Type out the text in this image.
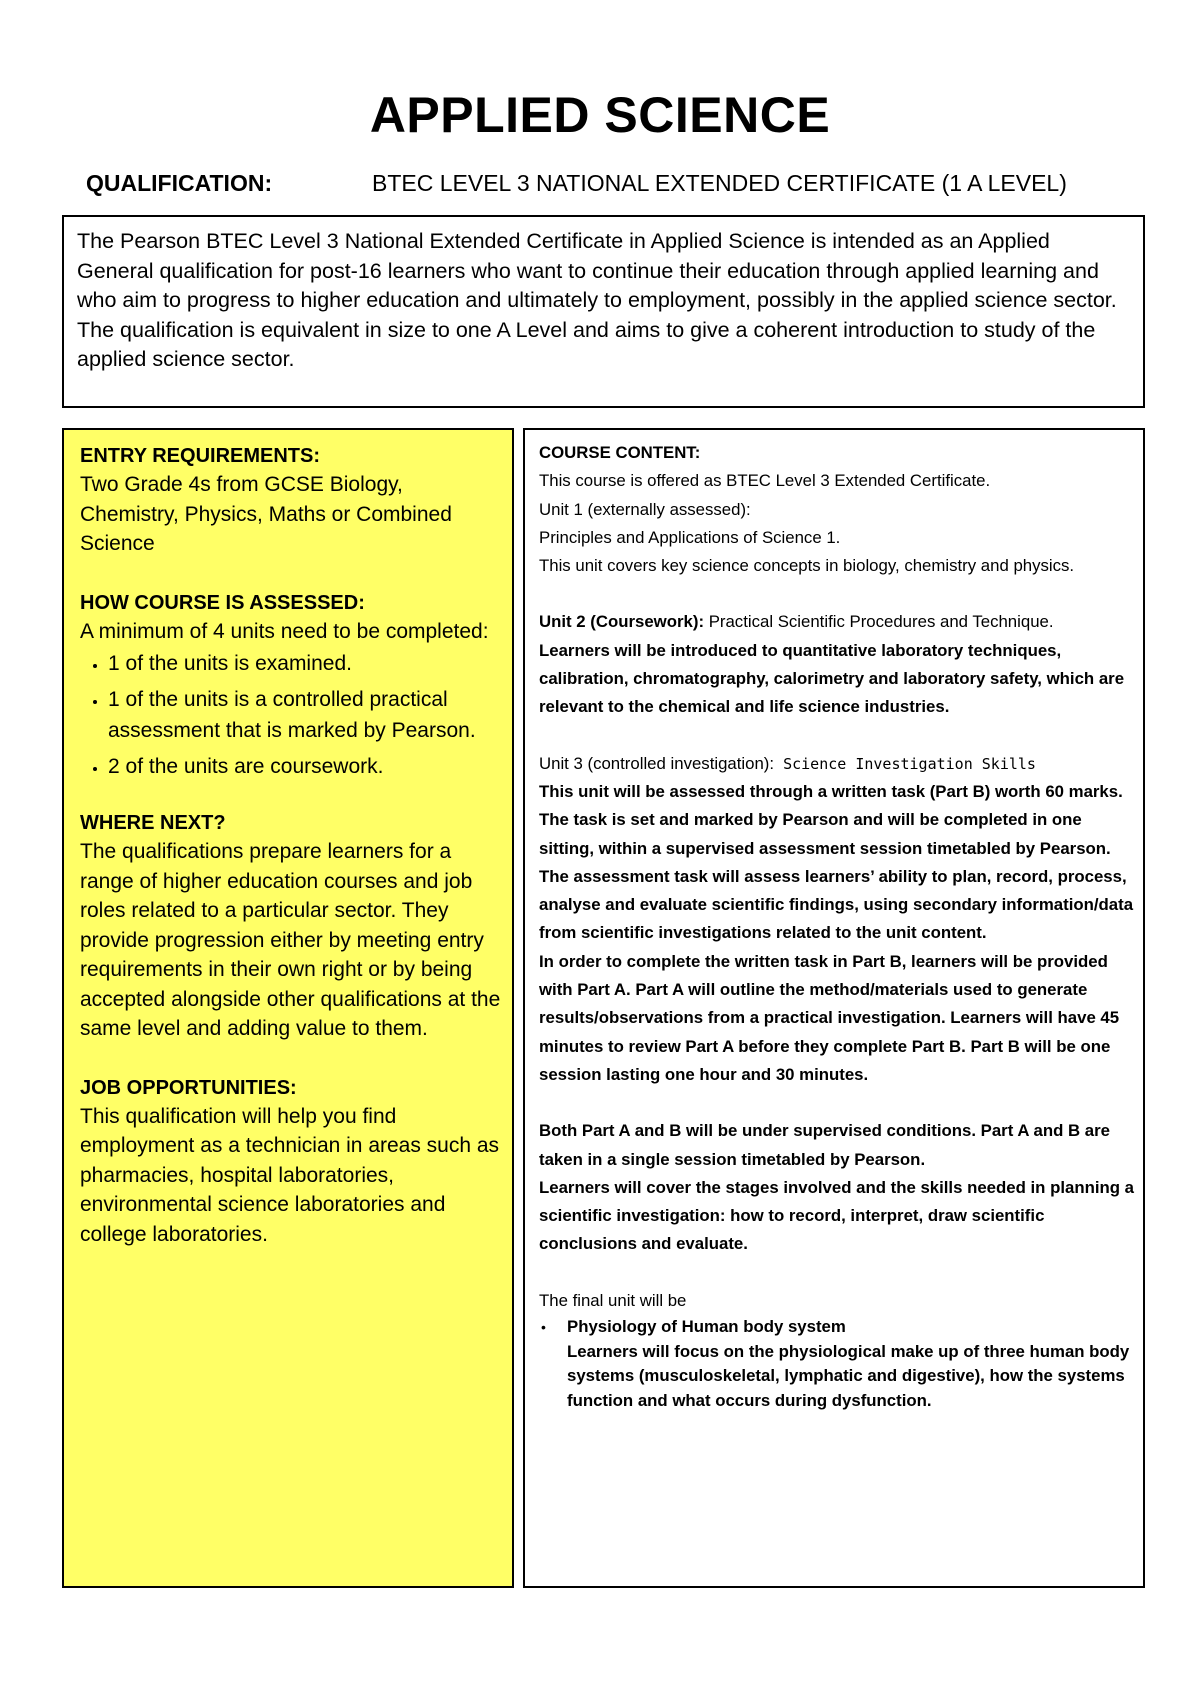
APPLIED SCIENCE
QUALIFICATION:	BTEC LEVEL 3 NATIONAL EXTENDED CERTIFICATE (1 A LEVEL)
The Pearson BTEC Level 3 National Extended Certificate in Applied Science is intended as an Applied General qualification for post-16 learners who want to continue their education through applied learning and who aim to progress to higher education and ultimately to employment, possibly in the applied science sector. The qualification is equivalent in size to one A Level and aims to give a coherent introduction to study of the applied science sector.
ENTRY REQUIREMENTS:

Two Grade 4s from GCSE Biology, Chemistry, Physics, Maths or Combined Science

HOW COURSE IS ASSESSED:

A minimum of 4 units need to be completed:

• 1 of the units is examined.
• 1 of the units is a controlled practical assessment that is marked by Pearson.
• 2 of the units are coursework.
WHERE NEXT?

The qualifications prepare learners for a range of higher education courses and job roles related to a particular sector. They provide progression either by meeting entry requirements in their own right or by being accepted alongside other qualifications at the same level and adding value to them.

JOB OPPORTUNITIES:

This qualification will help you find employment as a technician in areas such as pharmacies, hospital laboratories, environmental science laboratories and college laboratories.

COURSE CONTENT:

This course is offered as BTEC Level 3 Extended Certificate.

Unit 1 (externally assessed):

Principles and Applications of Science 1.

This unit covers key science concepts in biology, chemistry and physics.

Unit 2 (Coursework): Practical Scientific Procedures and Technique.

Learners will be introduced to quantitative laboratory techniques, calibration, chromatography, calorimetry and laboratory safety, which are relevant to the chemical and life science industries.

Unit 3 (controlled investigation): Science Investigation Skills

This unit will be assessed through a written task (Part B) worth 60 marks. The task is set and marked by Pearson and will be completed in one sitting, within a supervised assessment session timetabled by Pearson.

The assessment task will assess learners’ ability to plan, record, process, analyse and evaluate scientific findings, using secondary information/data from scientific investigations related to the unit content.

In order to complete the written task in Part B, learners will be provided with Part A. Part A will outline the method/materials used to generate results/observations from a practical investigation. Learners will have 45 minutes to review Part A before they complete Part B. Part B will be one session lasting one hour and 30 minutes.

Both Part A and B will be under supervised conditions. Part A and B are taken in a single session timetabled by Pearson.

Learners will cover the stages involved and the skills needed in planning a scientific investigation: how to record, interpret, draw scientific conclusions and evaluate.

The final unit will be

• Physiology of Human body system
Learners will focus on the physiological make up of three human body systems (musculoskeletal, lymphatic and digestive), how the systems function and what occurs during dysfunction.
